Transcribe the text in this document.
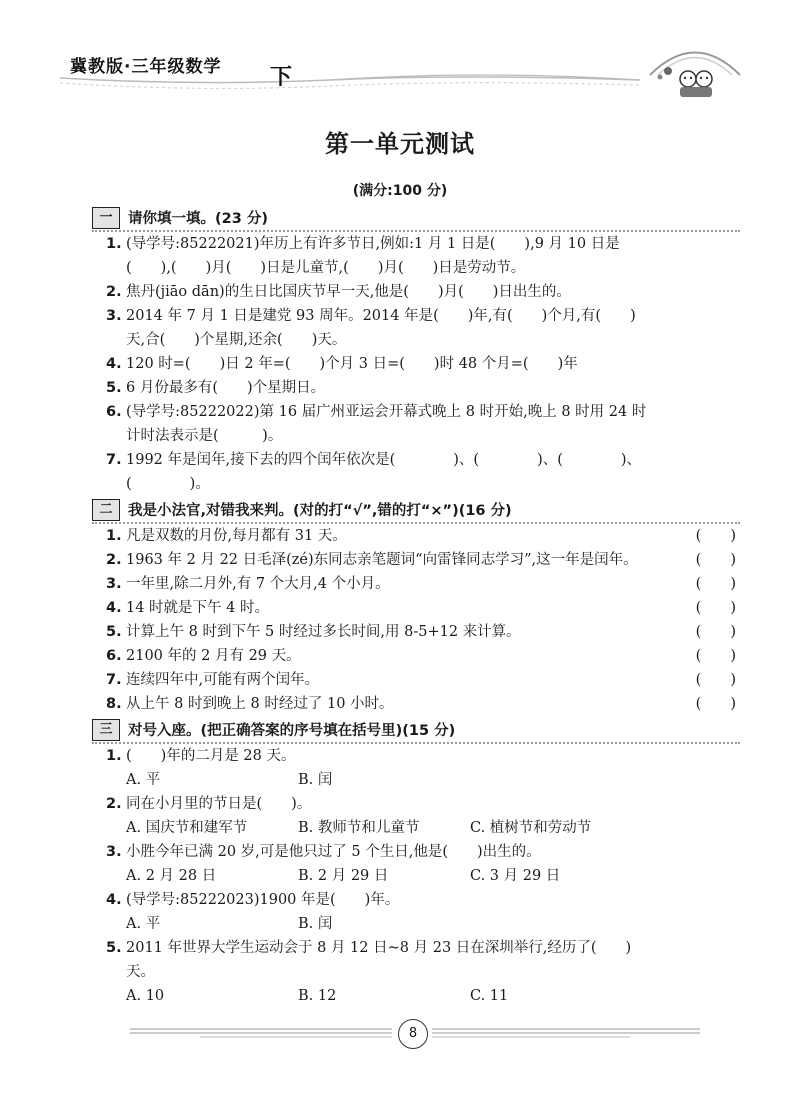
冀教版·三年级数学 下
第一单元测试
(满分:100 分)
一	请你填一填。(23 分)
1. (导学号:85222021)年历上有许多节日,例如:1 月 1 日是(　　),9 月 10 日是
(　　),(　　)月(　　)日是儿童节,(　　)月(　　)日是劳动节。
2. 焦丹(jiāo dān)的生日比国庆节早一天,他是(　　)月(　　)日出生的。
3. 2014 年 7 月 1 日是建党 93 周年。2014 年是(　　)年,有(　　)个月,有(　　)
天,合(　　)个星期,还余(　　)天。
4. 120 时=(　　)日 2 年=(　　)个月 3 日=(　　)时 48 个月=(　　)年
5. 6 月份最多有(　　)个星期日。
6. (导学号:85222022)第 16 届广州亚运会开幕式晚上 8 时开始,晚上 8 时用 24 时
计时法表示是(　　　)。
7. 1992 年是闰年,接下去的四个闰年依次是(　　　　)、(　　　　)、(　　　　)、
(　　　　)。
二	我是小法官,对错我来判。(对的打“√”,错的打“×”)(16 分)
1. 凡是双数的月份,每月都有 31 天。	(　　)
2. 1963 年 2 月 22 日毛泽(zé)东同志亲笔题词“向雷锋同志学习”,这一年是闰年。	(　　)
3. 一年里,除二月外,有 7 个大月,4 个小月。	(　　)
4. 14 时就是下午 4 时。	(　　)
5. 计算上午 8 时到下午 5 时经过多长时间,用 8-5+12 来计算。	(　　)
6. 2100 年的 2 月有 29 天。	(　　)
7. 连续四年中,可能有两个闰年。	(　　)
8. 从上午 8 时到晚上 8 时经过了 10 小时。	(　　)
三	对号入座。(把正确答案的序号填在括号里)(15 分)
1. (　　)年的二月是 28 天。
A. 平	B. 闰
2. 同在小月里的节日是(　　)。
A. 国庆节和建军节	B. 教师节和儿童节	C. 植树节和劳动节
3. 小胜今年已满 20 岁,可是他只过了 5 个生日,他是(　　)出生的。
A. 2 月 28 日	B. 2 月 29 日	C. 3 月 29 日
4. (导学号:85222023)1900 年是(　　)年。
A. 平	B. 闰
5. 2011 年世界大学生运动会于 8 月 12 日~8 月 23 日在深圳举行,经历了(　　)
天。
A. 10	B. 12	C. 11
8
